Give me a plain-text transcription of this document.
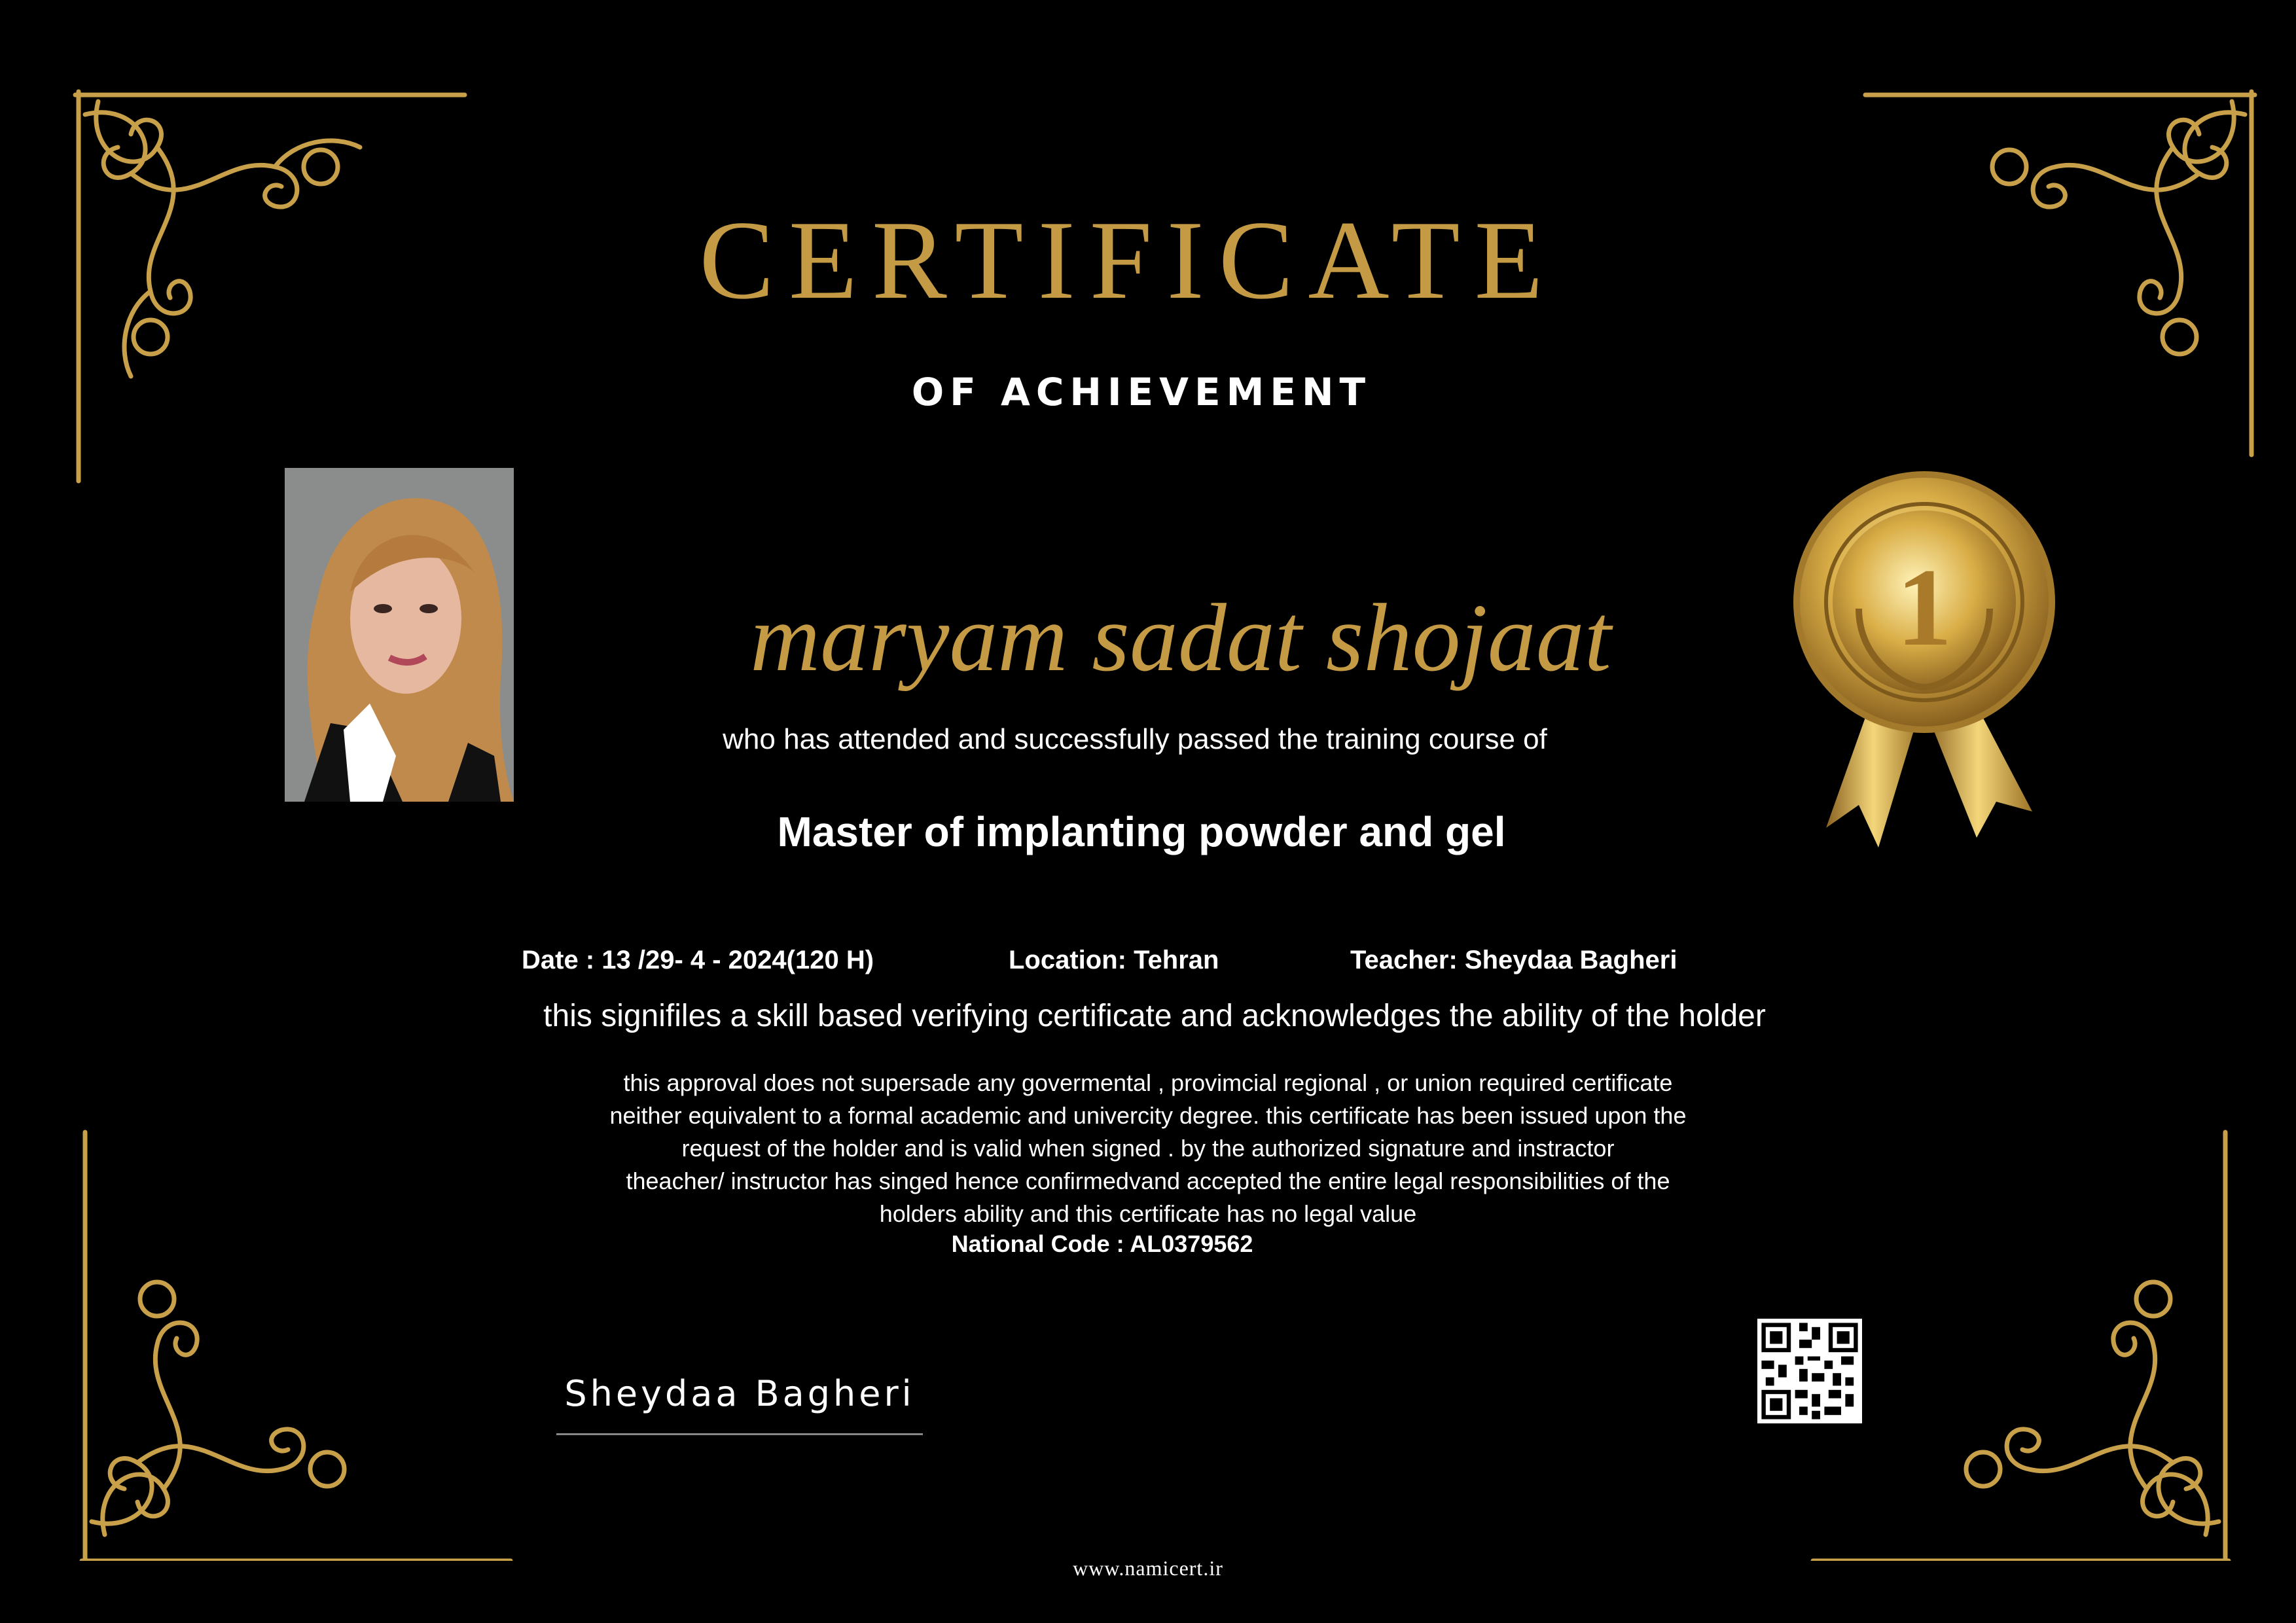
CERTIFICATE
OF ACHIEVEMENT
maryam sadat shojaat
who has attended and successfully passed the training course of
Master of implanting powder and gel
Date : 13 /29- 4 - 2024(120 H)	Location: Tehran	Teacher: Sheydaa Bagheri
this signifiles a skill based verifying certificate and acknowledges the ability of the holder
this approval does not supersade any govermental , provimcial regional , or union required certificate
neither equivalent to a formal academic and univercity degree. this certificate has been issued upon the
request of the holder and is valid when signed . by the authorized signature and instractor
theacher/ instructor has singed hence confirmedvand accepted the entire legal responsibilities of the
holders ability and this certificate has no legal value
National Code : AL0379562
1
Sheydaa Bagheri
www.namicert.ir
